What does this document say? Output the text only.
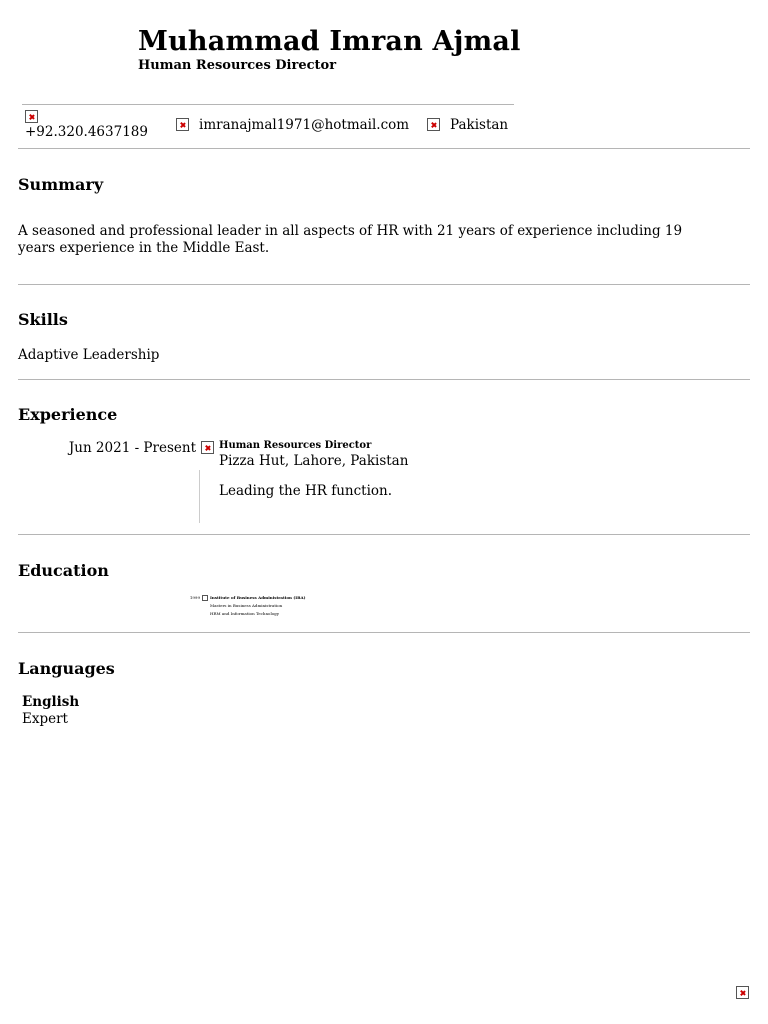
Muhammad Imran Ajmal
Human Resources Director
+92.320.4637189	imranajmal1971@hotmail.com	Pakistan
Summary
A seasoned and professional leader in all aspects of HR with 21 years of experience including 19 years experience in the Middle East.
Skills
Adaptive Leadership
Experience
Jun 2021 - Present Human Resources Director
Pizza Hut, Lahore, Pakistan
Leading the HR function.
Education
1999	Institute of Business Administration (IBA)
Masters in Business Administration
HRM and Information Technology
Languages
English
Expert
